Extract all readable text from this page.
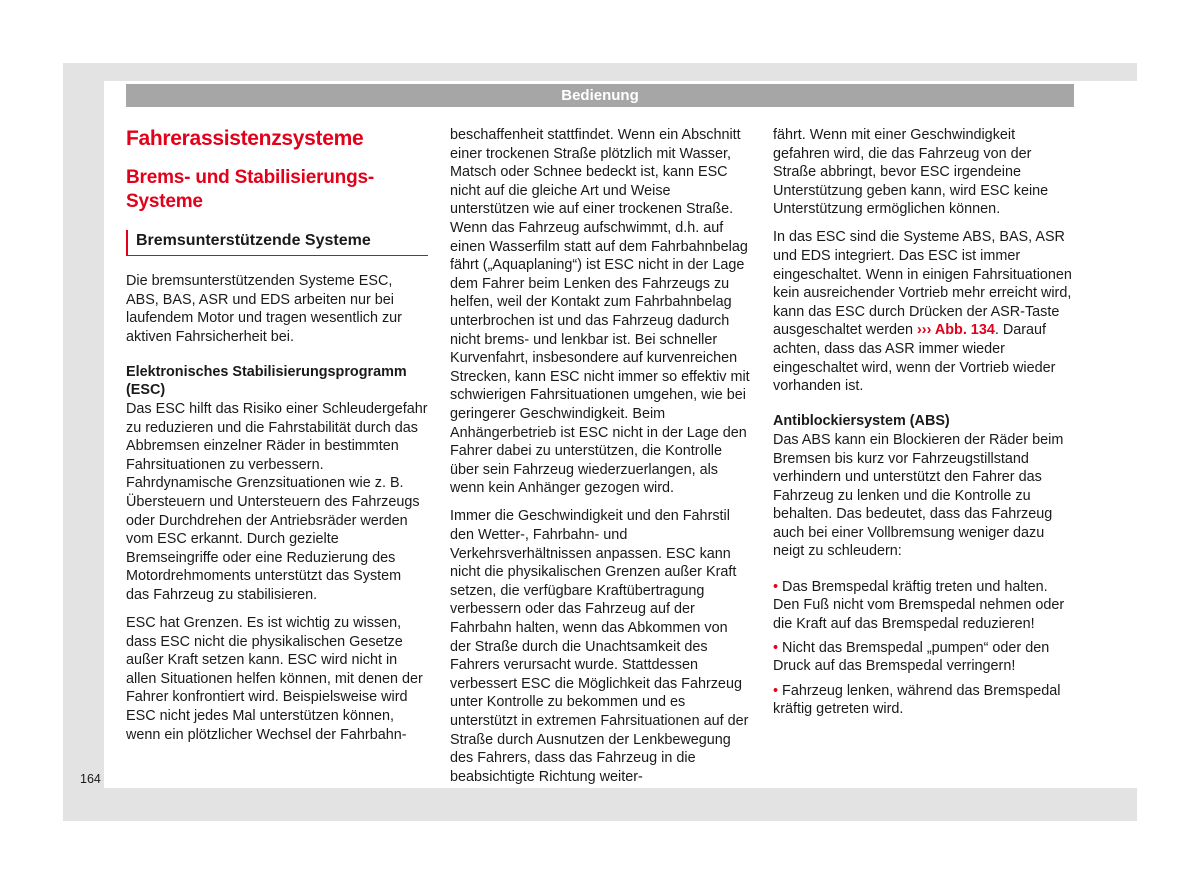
Bedienung
Fahrerassistenzsysteme
Brems- und Stabilisierungs-Systeme
Bremsunterstützende Systeme

Die bremsunterstützenden Systeme ESC, ABS, BAS, ASR und EDS arbeiten nur bei laufendem Motor und tragen wesentlich zur aktiven Fahrsicherheit bei.

Elektronisches Stabilisierungsprogramm (ESC)

Das ESC hilft das Risiko einer Schleudergefahr zu reduzieren und die Fahrstabilität durch das Abbremsen einzelner Räder in bestimmten Fahrsituationen zu verbessern. Fahrdynamische Grenzsituationen wie z. B. Übersteuern und Untersteuern des Fahrzeugs oder Durchdrehen der Antriebsräder werden vom ESC erkannt. Durch gezielte Bremseingriffe oder eine Reduzierung des Motordrehmoments unterstützt das System das Fahrzeug zu stabilisieren.

ESC hat Grenzen. Es ist wichtig zu wissen, dass ESC nicht die physikalischen Gesetze außer Kraft setzen kann. ESC wird nicht in allen Situationen helfen können, mit denen der Fahrer konfrontiert wird. Beispielsweise wird ESC nicht jedes Mal unterstützen können, wenn ein plötzlicher Wechsel der Fahrbahn-

beschaffenheit stattfindet. Wenn ein Abschnitt einer trockenen Straße plötzlich mit Wasser, Matsch oder Schnee bedeckt ist, kann ESC nicht auf die gleiche Art und Weise unterstützen wie auf einer trockenen Straße. Wenn das Fahrzeug aufschwimmt, d.h. auf einen Wasserfilm statt auf dem Fahrbahnbelag fährt („Aquaplaning“) ist ESC nicht in der Lage dem Fahrer beim Lenken des Fahrzeugs zu helfen, weil der Kontakt zum Fahrbahnbelag unterbrochen ist und das Fahrzeug dadurch nicht brems- und lenkbar ist. Bei schneller Kurvenfahrt, insbesondere auf kurvenreichen Strecken, kann ESC nicht immer so effektiv mit schwierigen Fahrsituationen umgehen, wie bei geringerer Geschwindigkeit. Beim Anhängerbetrieb ist ESC nicht in der Lage den Fahrer dabei zu unterstützen, die Kontrolle über sein Fahrzeug wiederzuerlangen, als wenn kein Anhänger gezogen wird.

Immer die Geschwindigkeit und den Fahrstil den Wetter-, Fahrbahn- und Verkehrsverhältnissen anpassen. ESC kann nicht die physikalischen Grenzen außer Kraft setzen, die verfügbare Kraftübertragung verbessern oder das Fahrzeug auf der Fahrbahn halten, wenn das Abkommen von der Straße durch die Unachtsamkeit des Fahrers verursacht wurde. Stattdessen verbessert ESC die Möglichkeit das Fahrzeug unter Kontrolle zu bekommen und es unterstützt in extremen Fahrsituationen auf der Straße durch Ausnutzen der Lenkbewegung des Fahrers, dass das Fahrzeug in die beabsichtigte Richtung weiter-

fährt. Wenn mit einer Geschwindigkeit gefahren wird, die das Fahrzeug von der Straße abbringt, bevor ESC irgendeine Unterstützung geben kann, wird ESC keine Unterstützung ermöglichen können.

In das ESC sind die Systeme ABS, BAS, ASR und EDS integriert. Das ESC ist immer eingeschaltet. Wenn in einigen Fahrsituationen kein ausreichender Vortrieb mehr erreicht wird, kann das ESC durch Drücken der ASR-Taste ausgeschaltet werden ››› Abb. 134. Darauf achten, dass das ASR immer wieder eingeschaltet wird, wenn der Vortrieb wieder vorhanden ist.

Antiblockiersystem (ABS)

Das ABS kann ein Blockieren der Räder beim Bremsen bis kurz vor Fahrzeugstillstand verhindern und unterstützt den Fahrer das Fahrzeug zu lenken und die Kontrolle zu behalten. Das bedeutet, dass das Fahrzeug auch bei einer Vollbremsung weniger dazu neigt zu schleudern:

• Das Bremspedal kräftig treten und halten. Den Fuß nicht vom Bremspedal nehmen oder die Kraft auf das Bremspedal reduzieren!

• Nicht das Bremspedal „pumpen“ oder den Druck auf das Bremspedal verringern!

• Fahrzeug lenken, während das Bremspedal kräftig getreten wird.

164
